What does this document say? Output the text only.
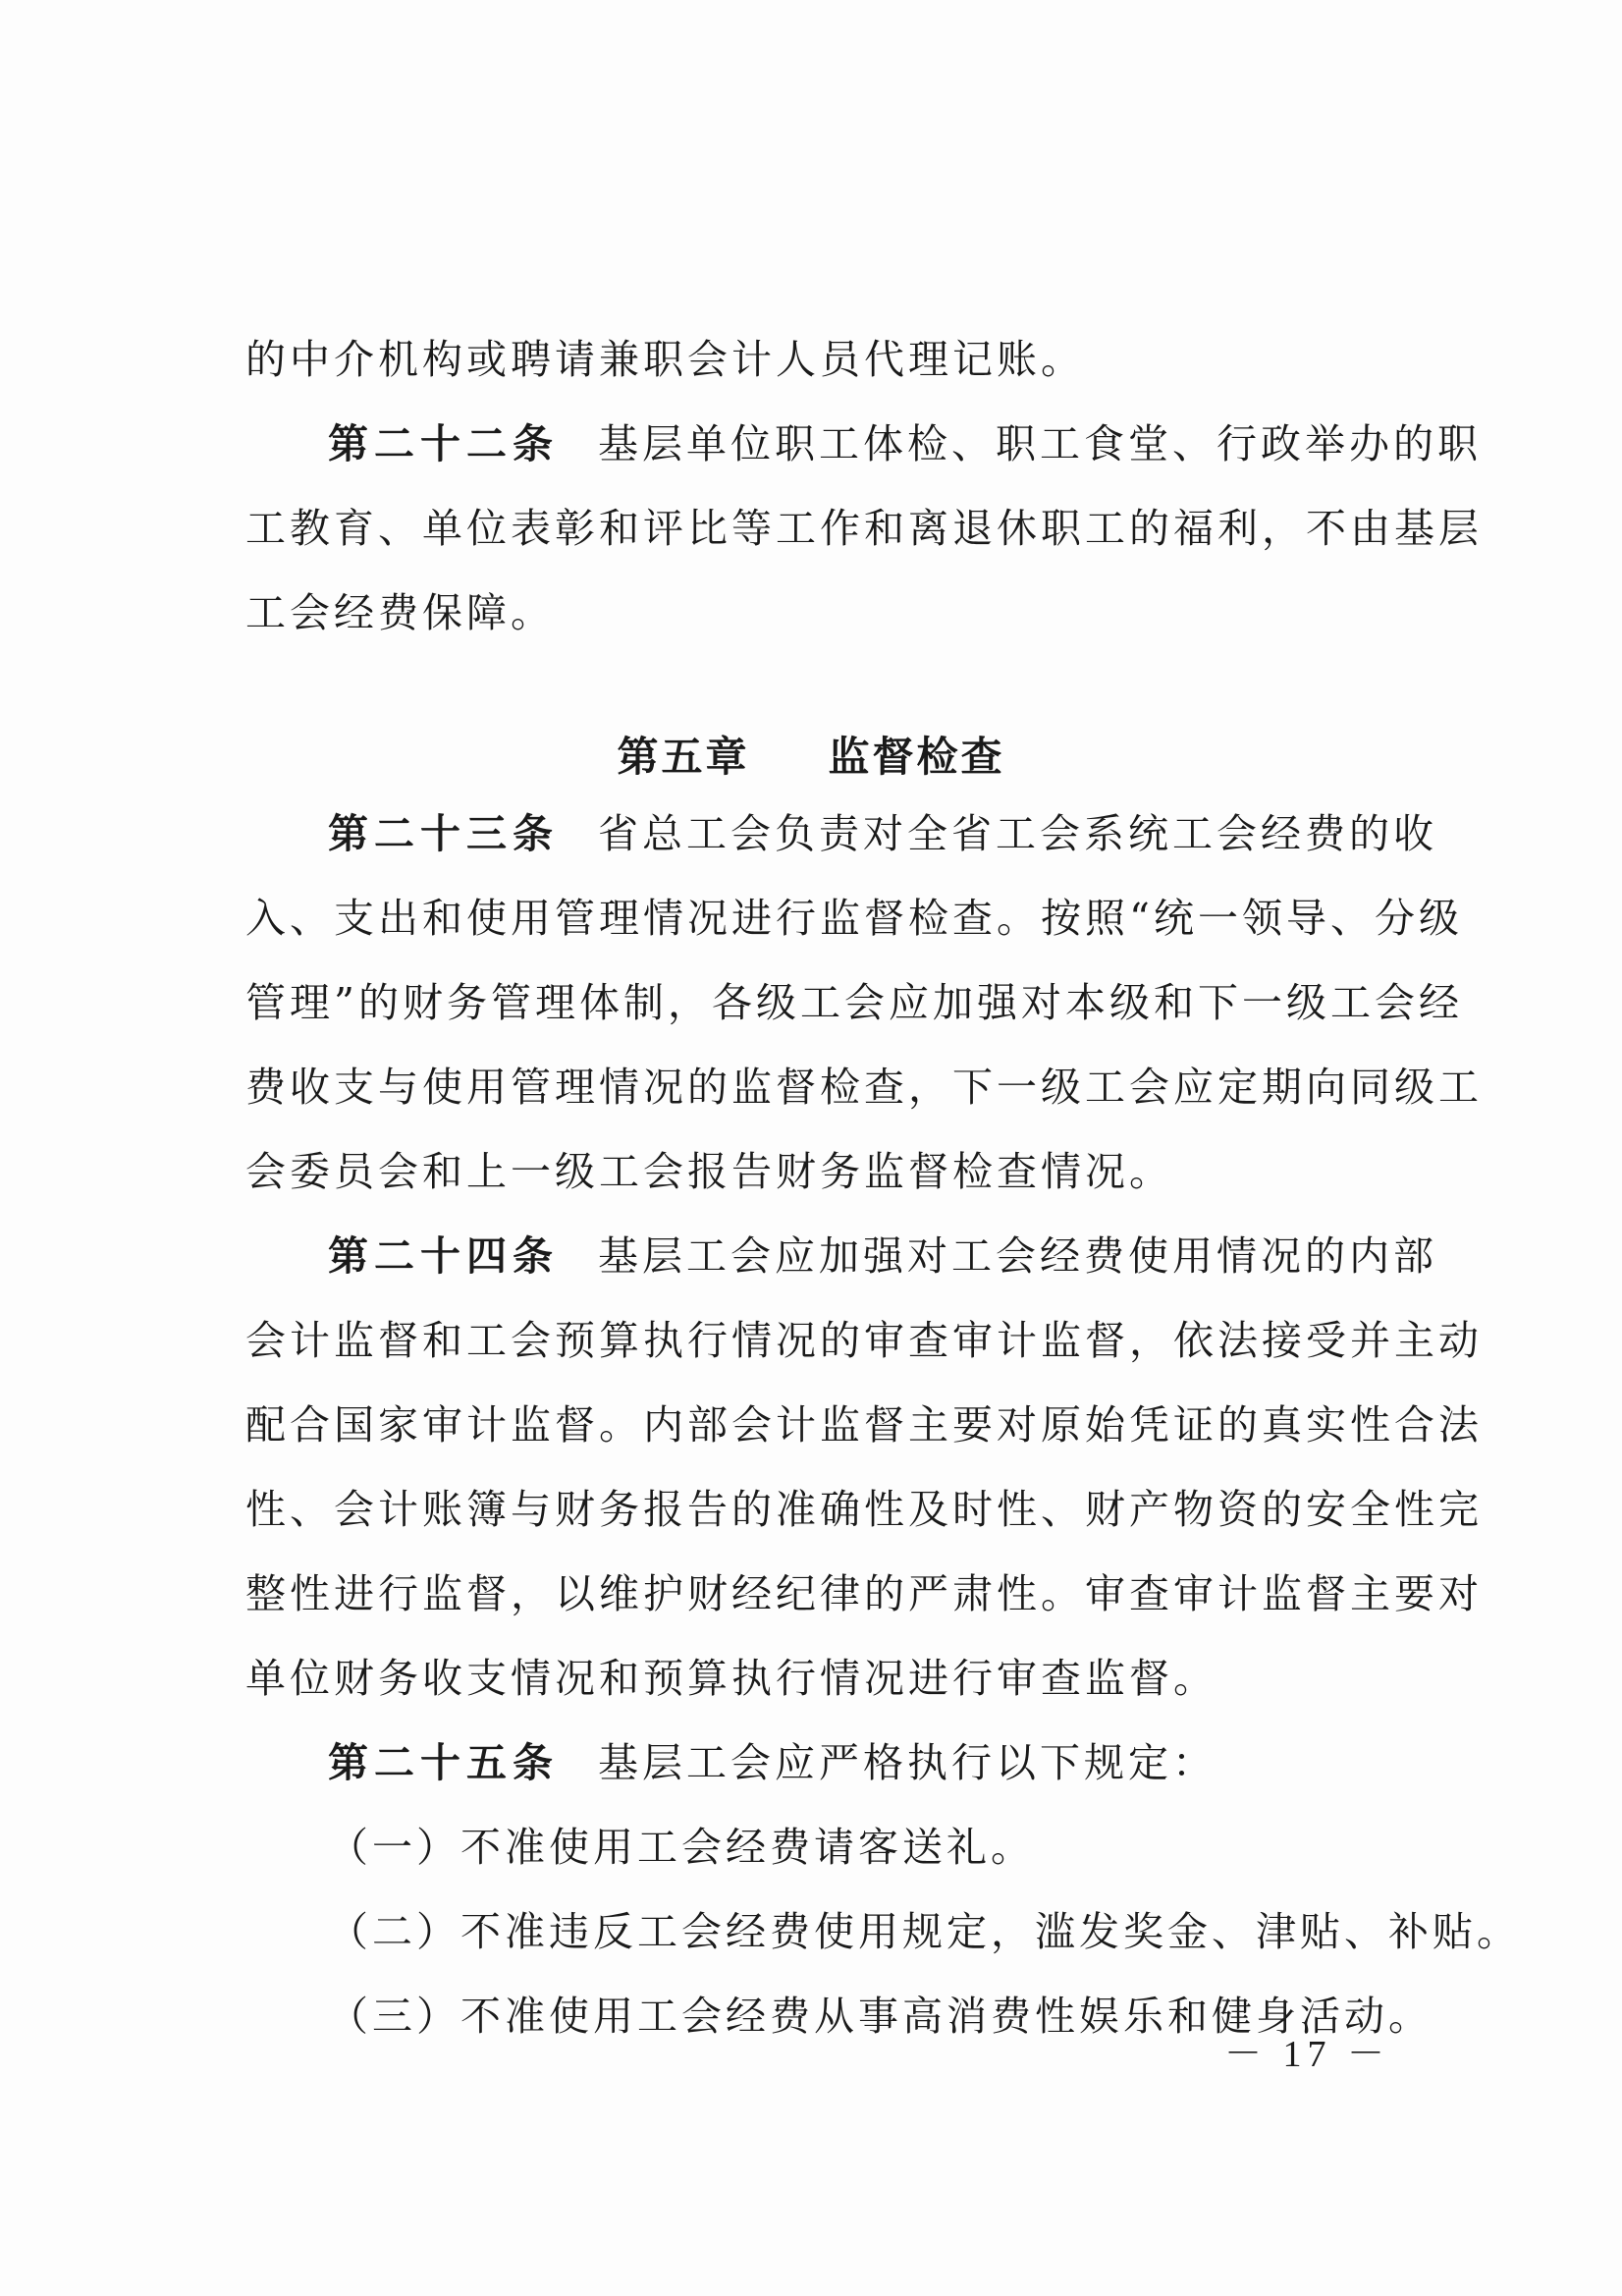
的中介机构或聘请兼职会计人员代理记账。
第二十二条 基层单位职工体检、职工食堂、行政举办的职
工教育、单位表彰和评比等工作和离退休职工的福利，不由基层
工会经费保障。
第五章 监督检查
第二十三条 省总工会负责对全省工会系统工会经费的收
入、支出和使用管理情况进行监督检查。按照“统一领导、分级
管理”的财务管理体制，各级工会应加强对本级和下一级工会经
费收支与使用管理情况的监督检查，下一级工会应定期向同级工
会委员会和上一级工会报告财务监督检查情况。
第二十四条 基层工会应加强对工会经费使用情况的内部
会计监督和工会预算执行情况的审查审计监督，依法接受并主动
配合国家审计监督。内部会计监督主要对原始凭证的真实性合法
性、会计账簿与财务报告的准确性及时性、财产物资的安全性完
整性进行监督，以维护财经纪律的严肃性。审查审计监督主要对
单位财务收支情况和预算执行情况进行审查监督。
第二十五条 基层工会应严格执行以下规定：
（一）不准使用工会经费请客送礼。
（二）不准违反工会经费使用规定，滥发奖金、津贴、补贴。
（三）不准使用工会经费从事高消费性娱乐和健身活动。
－ 17 －
